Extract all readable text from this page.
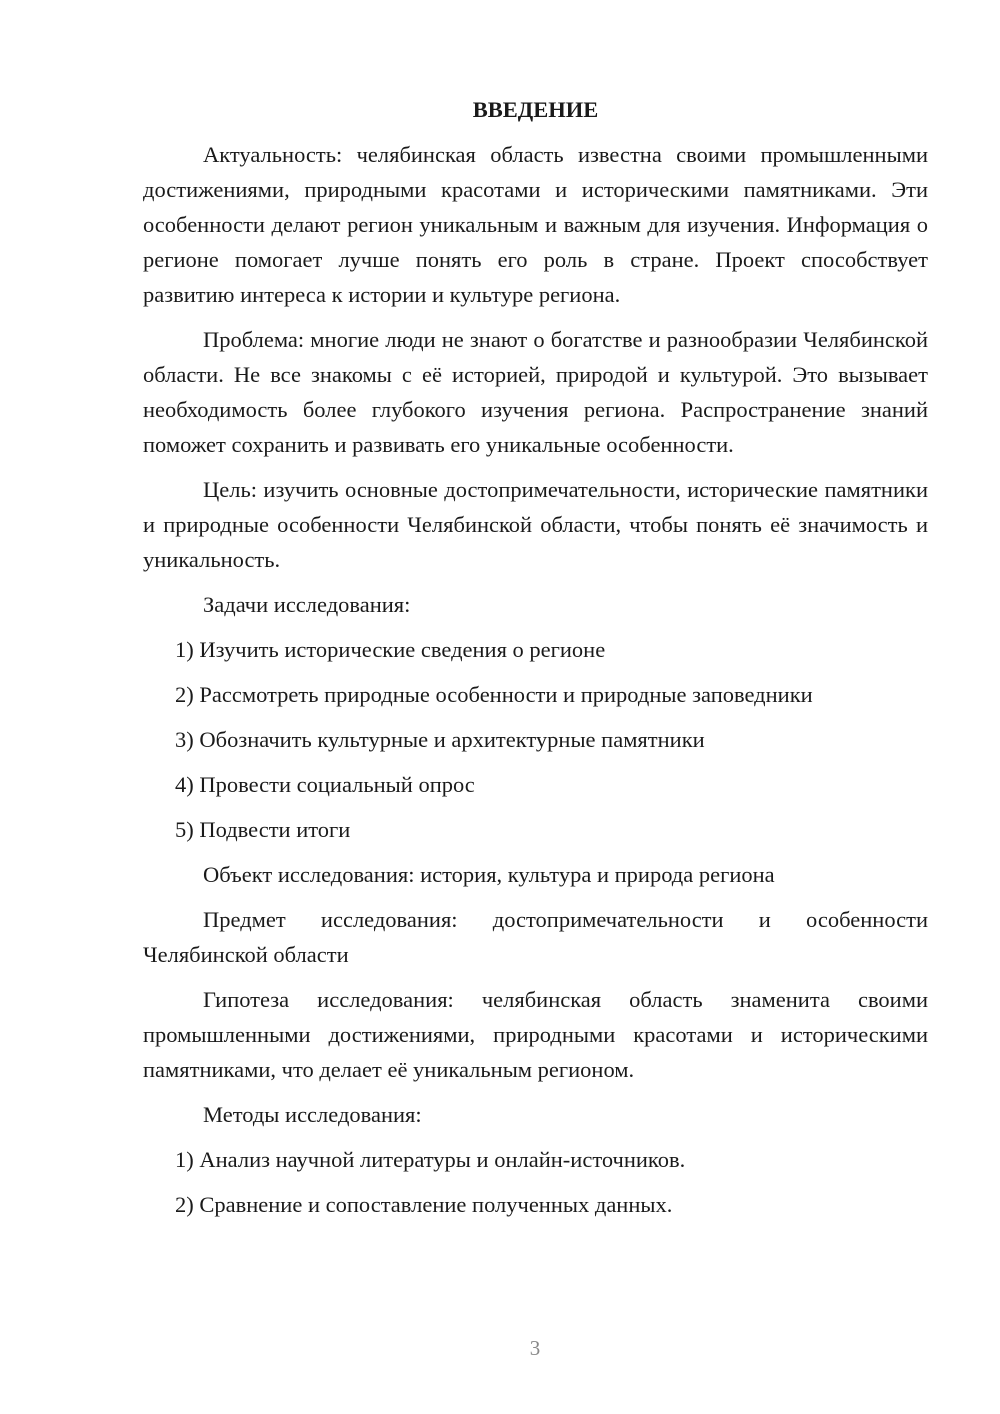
ВВЕДЕНИЕ

Актуальность: челябинская область известна своими промышленными достижениями, природными красотами и историческими памятниками. Эти особенности делают регион уникальным и важным для изучения. Информация о регионе помогает лучше понять его роль в стране. Проект способствует развитию интереса к истории и культуре региона.

Проблема: многие люди не знают о богатстве и разнообразии Челябинской области. Не все знакомы с её историей, природой и культурой. Это вызывает необходимость более глубокого изучения региона. Распространение знаний поможет сохранить и развивать его уникальные особенности.

Цель: изучить основные достопримечательности, исторические памятники и природные особенности Челябинской области, чтобы понять её значимость и уникальность.

Задачи исследования:
1) Изучить исторические сведения о регионе
2) Рассмотреть природные особенности и природные заповедники
3) Обозначить культурные и архитектурные памятники
4) Провести социальный опрос
5) Подвести итоги
Объект исследования: история, культура и природа региона

Предмет исследования: достопримечательности и особенности Челябинской области

Гипотеза исследования: челябинская область знаменита своими промышленными достижениями, природными красотами и историческими памятниками, что делает её уникальным регионом.

Методы исследования:
1) Анализ научной литературы и онлайн-источников.
2) Сравнение и сопоставление полученных данных.
3
